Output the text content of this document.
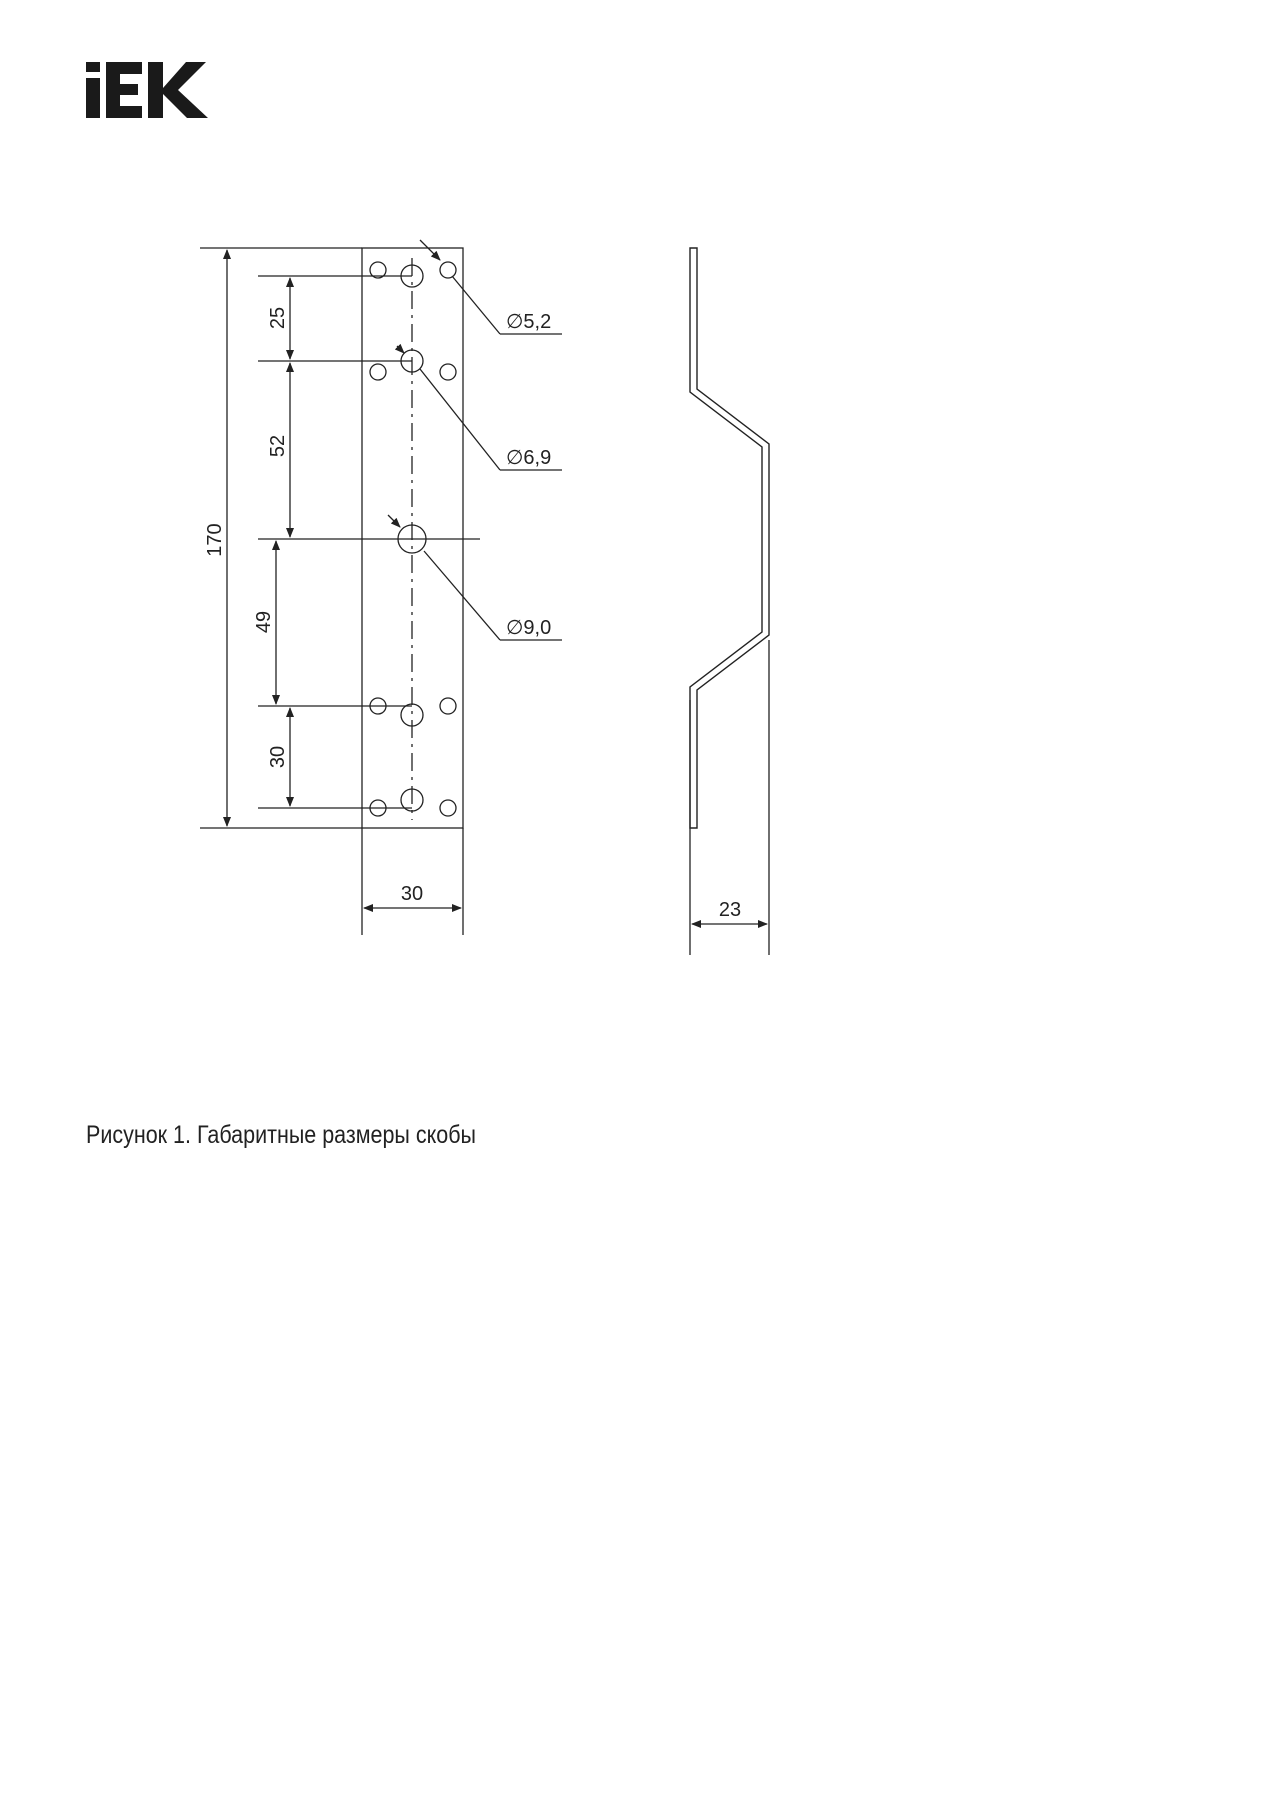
170
25
52
49
30
30
23
∅5,2
∅6,9
∅9,0
Рисунок 1. Габаритные размеры скобы
